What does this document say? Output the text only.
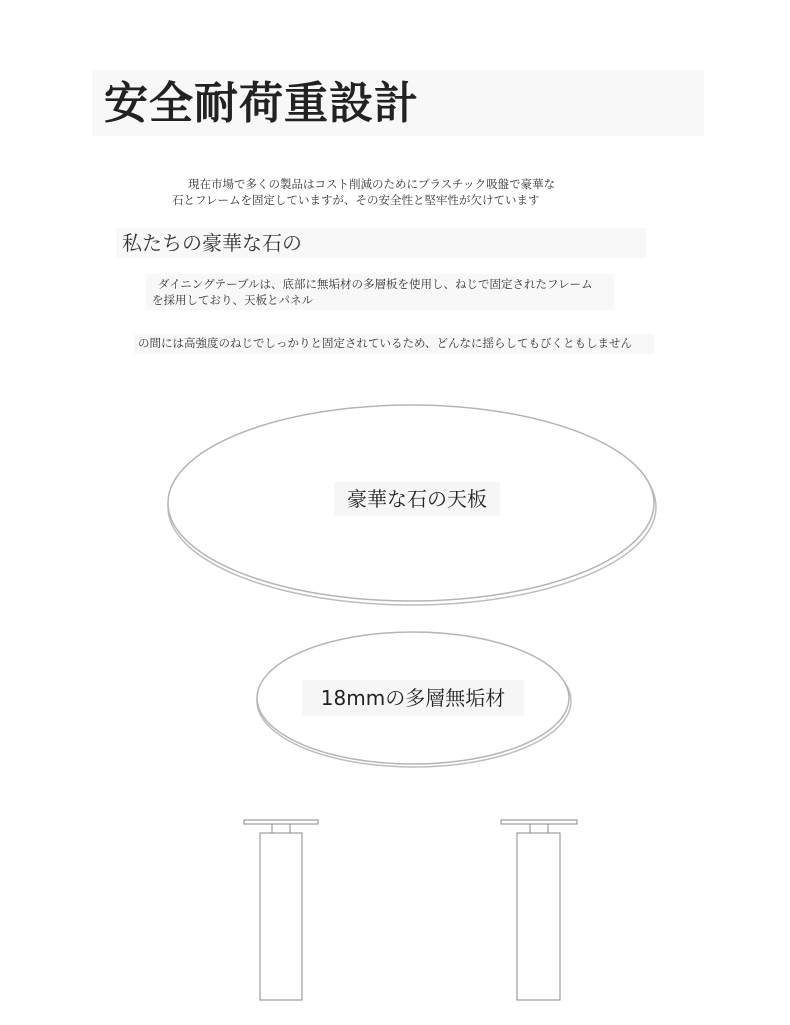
安全耐荷重設計
現在市場で多くの製品はコスト削減のためにプラスチック吸盤で豪華な
石とフレームを固定していますが、その安全性と堅牢性が欠けています
私たちの豪華な石の
ダイニングテーブルは、底部に無垢材の多層板を使用し、ねじで固定されたフレーム
を採用しており、天板とパネル
の間には高強度のねじでしっかりと固定されているため、どんなに揺らしてもびくともしません
豪華な石の天板
18mmの多層無垢材
